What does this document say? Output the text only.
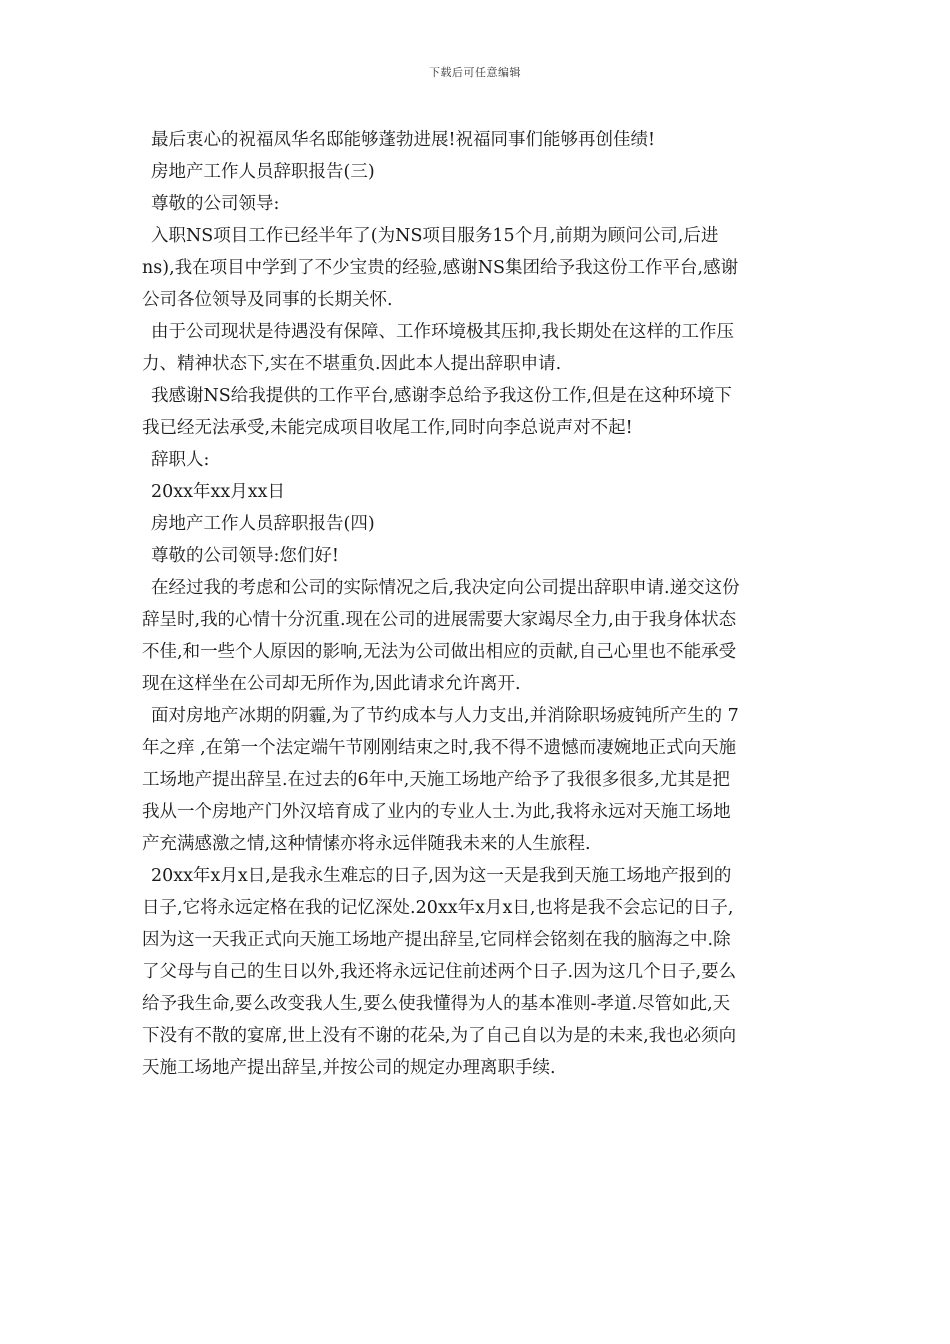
下载后可任意编辑
最后衷心的祝福凤华名邸能够蓬勃进展!祝福同事们能够再创佳绩!
房地产工作人员辞职报告(三)
尊敬的公司领导:
入职NS项目工作已经半年了(为NS项目服务15个月,前期为顾问公司,后进
ns),我在项目中学到了不少宝贵的经验,感谢NS集团给予我这份工作平台,感谢
公司各位领导及同事的长期关怀.
由于公司现状是待遇没有保障、工作环境极其压抑,我长期处在这样的工作压
力、精神状态下,实在不堪重负.因此本人提出辞职申请.
我感谢NS给我提供的工作平台,感谢李总给予我这份工作,但是在这种环境下
我已经无法承受,未能完成项目收尾工作,同时向李总说声对不起!
辞职人:
20xx年xx月xx日
房地产工作人员辞职报告(四)
尊敬的公司领导:您们好!
在经过我的考虑和公司的实际情况之后,我决定向公司提出辞职申请.递交这份
辞呈时,我的心情十分沉重.现在公司的进展需要大家竭尽全力,由于我身体状态
不佳,和一些个人原因的影响,无法为公司做出相应的贡献,自己心里也不能承受
现在这样坐在公司却无所作为,因此请求允许离开.
面对房地产冰期的阴霾,为了节约成本与人力支出,并消除职场疲钝所产生的 7
年之痒 ,在第一个法定端午节刚刚结束之时,我不得不遗憾而凄婉地正式向天施
工场地产提出辞呈.在过去的6年中,天施工场地产给予了我很多很多,尤其是把
我从一个房地产门外汉培育成了业内的专业人士.为此,我将永远对天施工场地
产充满感激之情,这种情愫亦将永远伴随我未来的人生旅程.
20xx年x月x日,是我永生难忘的日子,因为这一天是我到天施工场地产报到的
日子,它将永远定格在我的记忆深处.20xx年x月x日,也将是我不会忘记的日子,
因为这一天我正式向天施工场地产提出辞呈,它同样会铭刻在我的脑海之中.除
了父母与自己的生日以外,我还将永远记住前述两个日子.因为这几个日子,要么
给予我生命,要么改变我人生,要么使我懂得为人的基本准则-孝道.尽管如此,天
下没有不散的宴席,世上没有不谢的花朵,为了自己自以为是的未来,我也必须向
天施工场地产提出辞呈,并按公司的规定办理离职手续.
